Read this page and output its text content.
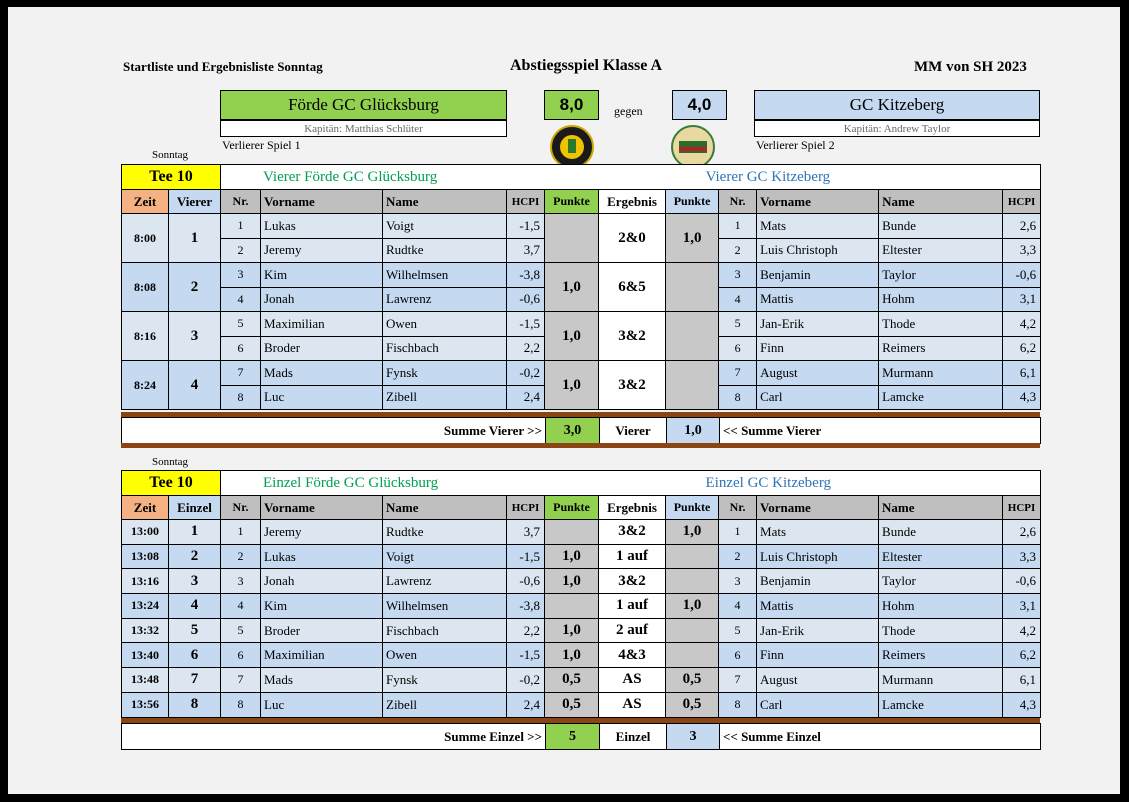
Startliste und Ergebnisliste Sonntag	Abstiegsspiel Klasse A	MM von SH 2023
Förde GC Glücksburg
Kapitän: Matthias Schlüter
Verlierer Spiel 1
8,0	gegen	4,0	GC Kitzeberg
Kapitän: Andrew Taylor
Verlierer Spiel 2
Sonntag
Tee 10		Vierer Förde GC Glücksburg						Vierer GC Kitzeberg				
Zeit	Vierer	Nr.	Vorname	Name	HCPI	Punkte	Ergebnis	Punkte	Nr.	Vorname	Name	HCPI
8:00	1	1	Lukas	Voigt	-1,5		2&0	1,0	1	Mats	Bunde	2,6
		2	Jeremy	Rudtke	3,7				2	Luis Christoph	Eltester	3,3
8:08	2	3	Kim	Wilhelmsen	-3,8	1,0	6&5		3	Benjamin	Taylor	-0,6
		4	Jonah	Lawrenz	-0,6				4	Mattis	Hohm	3,1
8:16	3	5	Maximilian	Owen	-1,5	1,0	3&2		5	Jan-Erik	Thode	4,2
		6	Broder	Fischbach	2,2				6	Finn	Reimers	6,2
8:24	4	7	Mads	Fynsk	-0,2	1,0	3&2		7	August	Murmann	6,1
		8	Luc	Zibell	2,4				8	Carl	Lamcke	4,3
Summe Vierer >>	3,0	Vierer	1,0	<< Summe Vierer
Sonntag
Tee 10		Einzel Förde GC Glücksburg						Einzel GC Kitzeberg				
Zeit	Einzel	Nr.	Vorname	Name	HCPI	Punkte	Ergebnis	Punkte	Nr.	Vorname	Name	HCPI
13:00	1	1	Jeremy	Rudtke	3,7		3&2	1,0	1	Mats	Bunde	2,6
13:08	2	2	Lukas	Voigt	-1,5	1,0	1 auf		2	Luis Christoph	Eltester	3,3
13:16	3	3	Jonah	Lawrenz	-0,6	1,0	3&2		3	Benjamin	Taylor	-0,6
13:24	4	4	Kim	Wilhelmsen	-3,8		1 auf	1,0	4	Mattis	Hohm	3,1
13:32	5	5	Broder	Fischbach	2,2	1,0	2 auf		5	Jan-Erik	Thode	4,2
13:40	6	6	Maximilian	Owen	-1,5	1,0	4&3		6	Finn	Reimers	6,2
13:48	7	7	Mads	Fynsk	-0,2	0,5	AS	0,5	7	August	Murmann	6,1
13:56	8	8	Luc	Zibell	2,4	0,5	AS	0,5	8	Carl	Lamcke	4,3
Summe Einzel >>	5	Einzel	3	<< Summe Einzel
